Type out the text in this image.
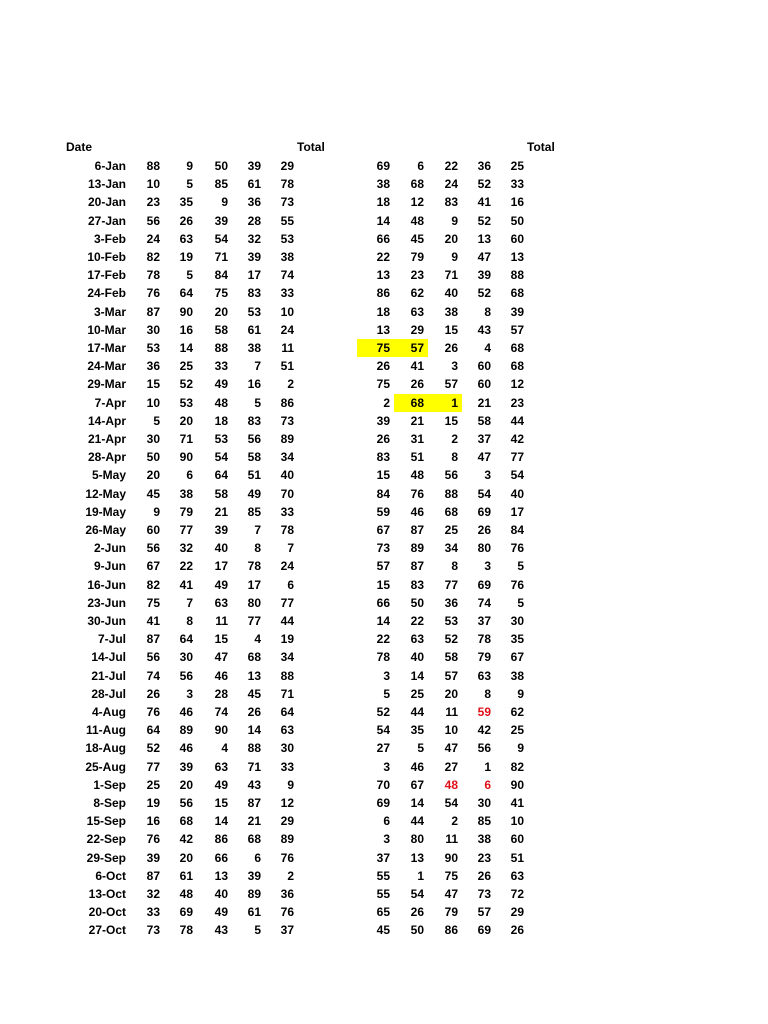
Date	Total	Total
6-Jan	88	9	50	39	29	69	6	22	36	25
13-Jan	10	5	85	61	78	38	68	24	52	33
20-Jan	23	35	9	36	73	18	12	83	41	16
27-Jan	56	26	39	28	55	14	48	9	52	50
3-Feb	24	63	54	32	53	66	45	20	13	60
10-Feb	82	19	71	39	38	22	79	9	47	13
17-Feb	78	5	84	17	74	13	23	71	39	88
24-Feb	76	64	75	83	33	86	62	40	52	68
3-Mar	87	90	20	53	10	18	63	38	8	39
10-Mar	30	16	58	61	24	13	29	15	43	57
17-Mar	53	14	88	38	11	75	57	26	4	68
24-Mar	36	25	33	7	51	26	41	3	60	68
29-Mar	15	52	49	16	2	75	26	57	60	12
7-Apr	10	53	48	5	86	2	68	1	21	23
14-Apr	5	20	18	83	73	39	21	15	58	44
21-Apr	30	71	53	56	89	26	31	2	37	42
28-Apr	50	90	54	58	34	83	51	8	47	77
5-May	20	6	64	51	40	15	48	56	3	54
12-May	45	38	58	49	70	84	76	88	54	40
19-May	9	79	21	85	33	59	46	68	69	17
26-May	60	77	39	7	78	67	87	25	26	84
2-Jun	56	32	40	8	7	73	89	34	80	76
9-Jun	67	22	17	78	24	57	87	8	3	5
16-Jun	82	41	49	17	6	15	83	77	69	76
23-Jun	75	7	63	80	77	66	50	36	74	5
30-Jun	41	8	11	77	44	14	22	53	37	30
7-Jul	87	64	15	4	19	22	63	52	78	35
14-Jul	56	30	47	68	34	78	40	58	79	67
21-Jul	74	56	46	13	88	3	14	57	63	38
28-Jul	26	3	28	45	71	5	25	20	8	9
4-Aug	76	46	74	26	64	52	44	11	59	62
11-Aug	64	89	90	14	63	54	35	10	42	25
18-Aug	52	46	4	88	30	27	5	47	56	9
25-Aug	77	39	63	71	33	3	46	27	1	82
1-Sep	25	20	49	43	9	70	67	48	6	90
8-Sep	19	56	15	87	12	69	14	54	30	41
15-Sep	16	68	14	21	29	6	44	2	85	10
22-Sep	76	42	86	68	89	3	80	11	38	60
29-Sep	39	20	66	6	76	37	13	90	23	51
6-Oct	87	61	13	39	2	55	1	75	26	63
13-Oct	32	48	40	89	36	55	54	47	73	72
20-Oct	33	69	49	61	76	65	26	79	57	29
27-Oct	73	78	43	5	37	45	50	86	69	26
